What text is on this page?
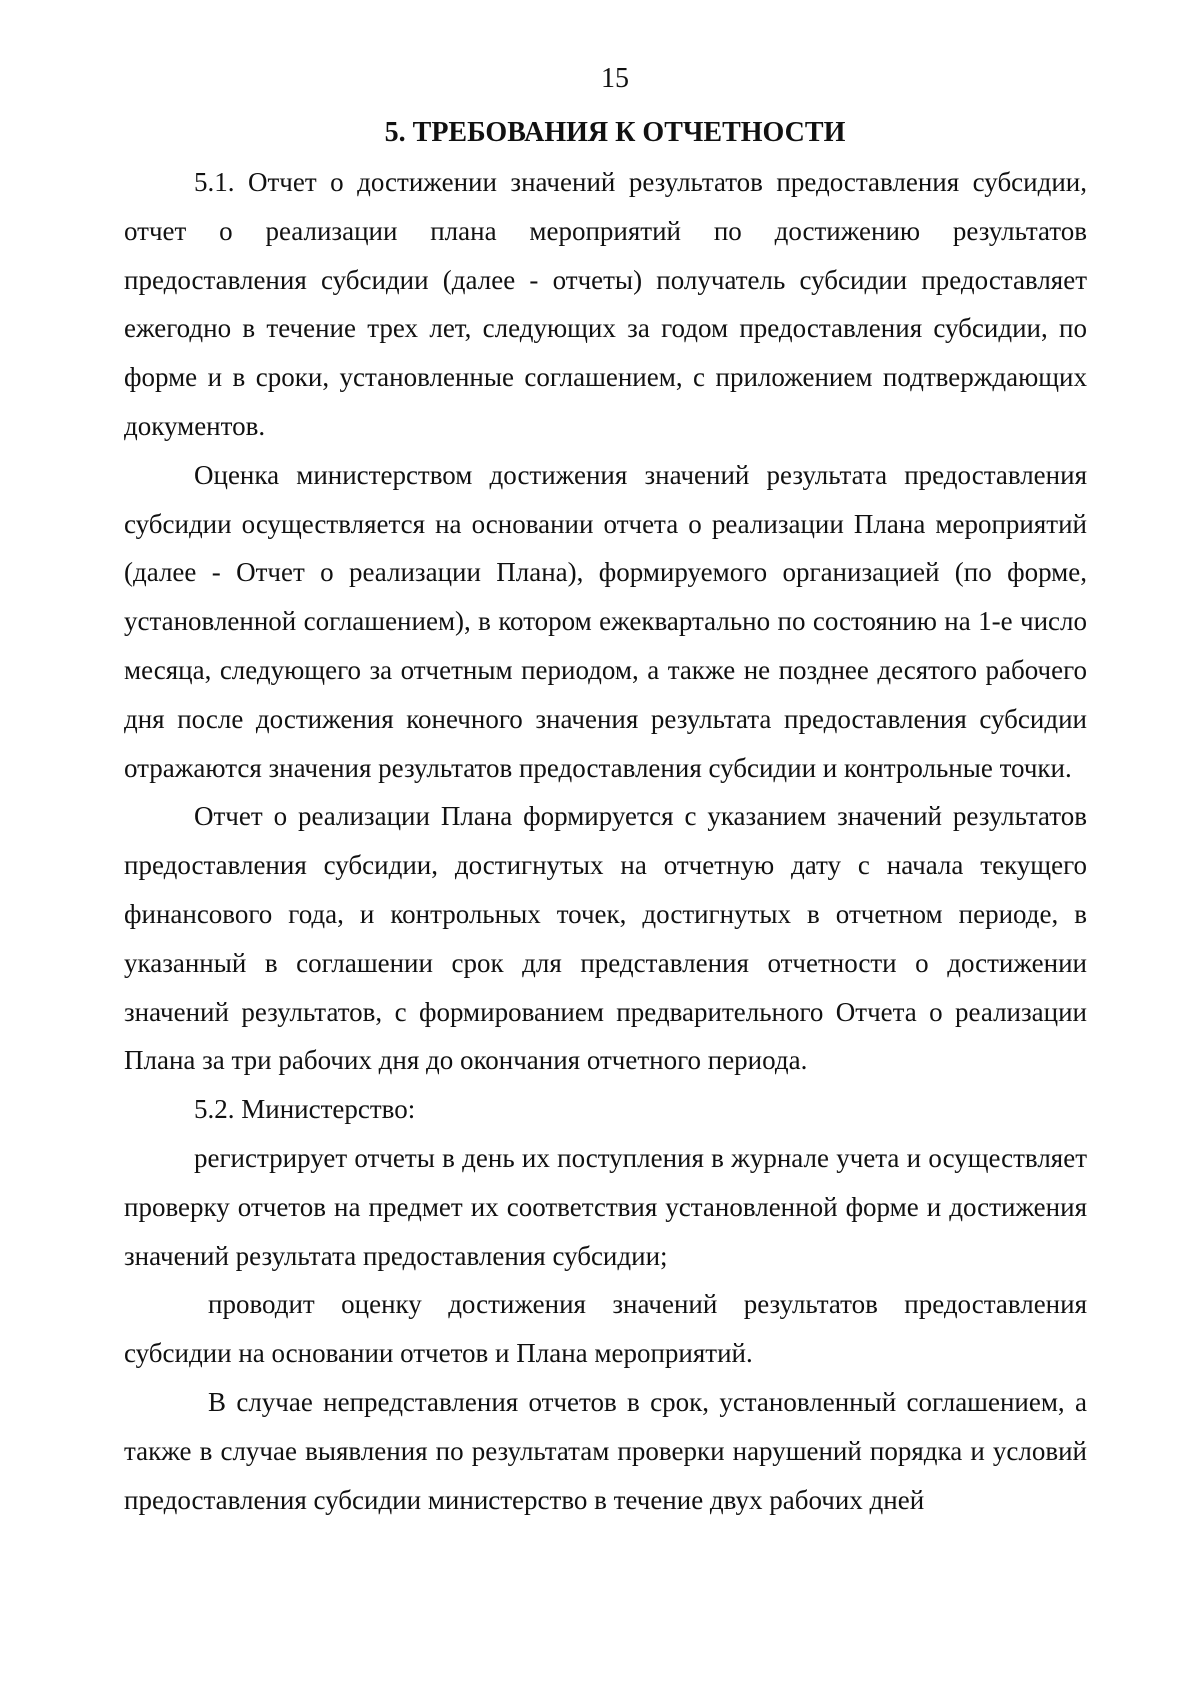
15

5. ТРЕБОВАНИЯ К ОТЧЕТНОСТИ

5.1. Отчет о достижении значений результатов предоставления субсидии, отчет о реализации плана мероприятий по достижению результатов предоставления субсидии (далее - отчеты) получатель субсидии предоставляет ежегодно в течение трех лет, следующих за годом предоставления субсидии, по форме и в сроки, установленные соглашением, с приложением подтверждающих документов.

Оценка министерством достижения значений результата предоставления субсидии осуществляется на основании отчета о реализации Плана мероприятий (далее - Отчет о реализации Плана), формируемого организацией (по форме, установленной соглашением), в котором ежеквартально по состоянию на 1-е число месяца, следующего за отчетным периодом, а также не позднее десятого рабочего дня после достижения конечного значения результата предоставления субсидии отражаются значения результатов предоставления субсидии и контрольные точки.

Отчет о реализации Плана формируется с указанием значений результатов предоставления субсидии, достигнутых на отчетную дату с начала текущего финансового года, и контрольных точек, достигнутых в отчетном периоде, в указанный в соглашении срок для представления отчетности о достижении значений результатов, с формированием предварительного Отчета о реализации Плана за три рабочих дня до окончания отчетного периода.

5.2. Министерство:

регистрирует отчеты в день их поступления в журнале учета и осуществляет проверку отчетов на предмет их соответствия установленной форме и достижения значений результата предоставления субсидии;

проводит оценку достижения значений результатов предоставления субсидии на основании отчетов и Плана мероприятий.

В случае непредставления отчетов в срок, установленный соглашением, а также в случае выявления по результатам проверки нарушений порядка и условий предоставления субсидии министерство в течение двух рабочих дней
